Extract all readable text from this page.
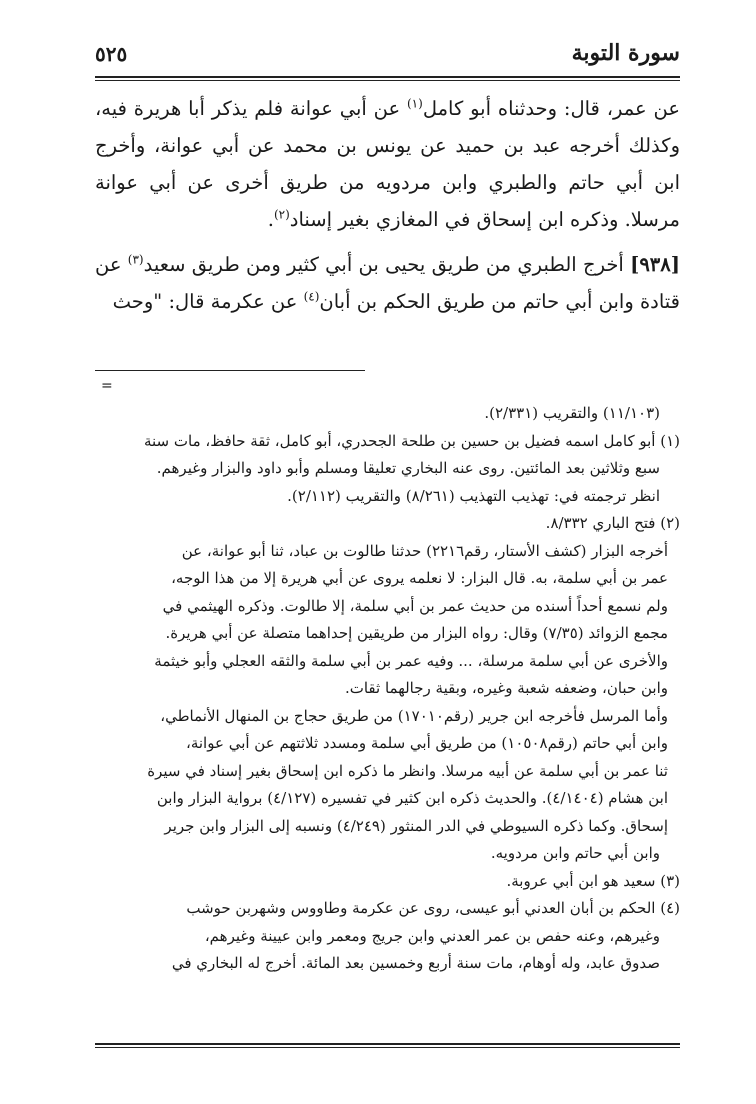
سورة التوبة
٥٢٥

عن عمر، قال: وحدثناه أبو كامل$^{(١)}$ عن أبي عوانة فلم يذكر أبا هريرة فيه، وكذلك أخرجه عبد بن حميد عن يونس بن محمد عن أبي عوانة، وأخرج ابن أبي حاتم والطبري وابن مردويه من طريق أخرى عن أبي عوانة مرسلا. وذكره ابن إسحاق في المغازي بغير إسناد$^{(٢)}$.

[٩٣٨] أخرج الطبري من طريق يحيى بن أبي كثير ومن طريق سعيد$^{(٣)}$ عن قتادة وابن أبي حاتم من طريق الحكم بن أبان$^{(٤)}$ عن عكرمة قال: "وحث

=

(١١/١٠٣) والتقريب (٢/٣٣١).

(١) أبو كامل اسمه فضيل بن حسين بن طلحة الجحدري، أبو كامل، ثقة حافظ، مات سنة

سبع وثلاثين بعد المائتين. روى عنه البخاري تعليقا ومسلم وأبو داود والبزار وغيرهم.

انظر ترجمته في: تهذيب التهذيب (٨/٢٦١) والتقريب (٢/١١٢).

(٢) فتح الباري ٨/٣٣٢.

أخرجه البزار (كشف الأستار، رقم٢٢١٦) حدثنا طالوت بن عباد، ثنا أبو عوانة، عن

عمر بن أبي سلمة، به. قال البزار: لا نعلمه يروى عن أبي هريرة إلا من هذا الوجه،

ولم نسمع أحداً أسنده من حديث عمر بن أبي سلمة، إلا طالوت. وذكره الهيثمي في

مجمع الزوائد (٧/٣٥) وقال: رواه البزار من طريقين إحداهما متصلة عن أبي هريرة.

والأخرى عن أبي سلمة مرسلة، ... وفيه عمر بن أبي سلمة والثقه العجلي وأبو خيثمة

وابن حبان، وضعفه شعبة وغيره، وبقية رجالهما ثقات.

وأما المرسل فأخرجه ابن جرير (رقم١٧٠١٠) من طريق حجاج بن المنهال الأنماطي،

وابن أبي حاتم (رقم١٠٥٠٨) من طريق أبي سلمة ومسدد ثلاثتهم عن أبي عوانة،

ثنا عمر بن أبي سلمة عن أبيه مرسلا. وانظر ما ذكره ابن إسحاق بغير إسناد في سيرة

ابن هشام (٤/١٤٠٤). والحديث ذكره ابن كثير في تفسيره (٤/١٢٧) برواية البزار وابن

إسحاق. وكما ذكره السيوطي في الدر المنثور (٤/٢٤٩) ونسبه إلى البزار وابن جرير

وابن أبي حاتم وابن مردويه.

(٣) سعيد هو ابن أبي عروبة.

(٤) الحكم بن أبان العدني أبو عيسى، روى عن عكرمة وطاووس وشهربن حوشب

وغيرهم، وعنه حفص بن عمر العدني وابن جريج ومعمر وابن عيينة وغيرهم،

صدوق عابد، وله أوهام، مات سنة أربع وخمسين بعد المائة. أخرج له البخاري في
